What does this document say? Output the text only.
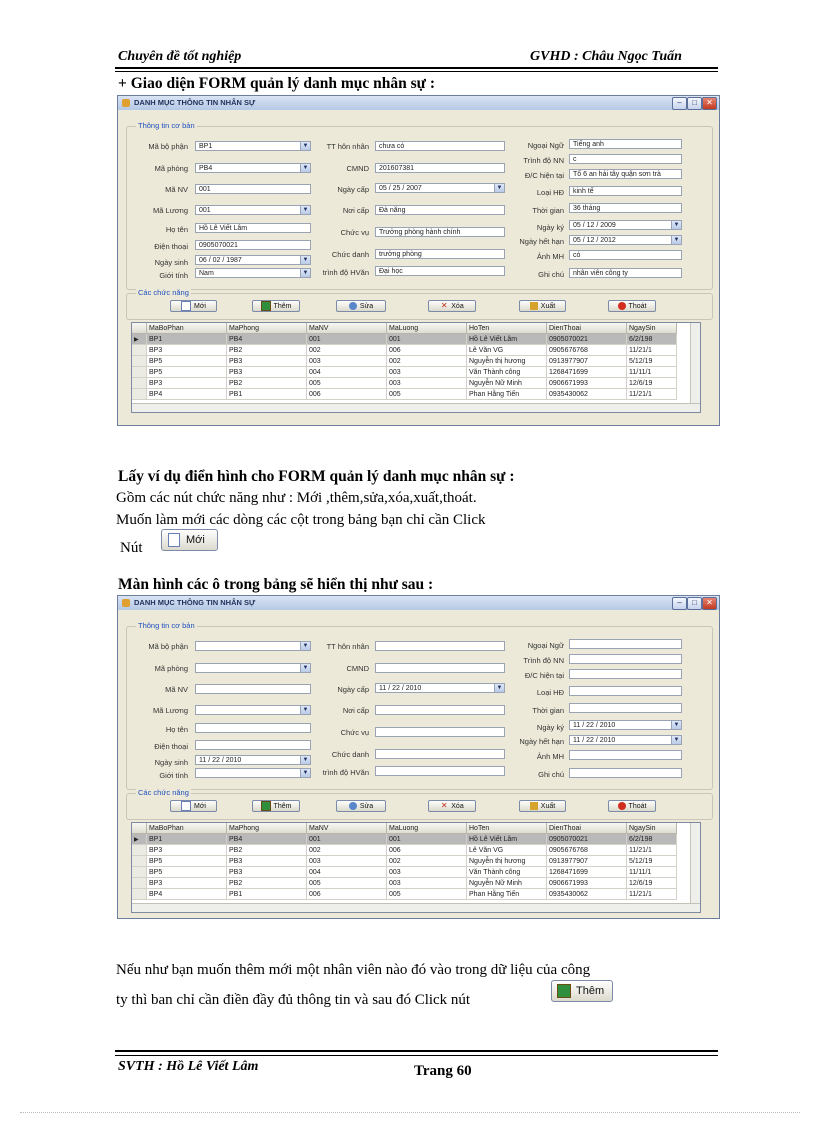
Chuyên đề tốt nghiệp	GVHD : Châu Ngọc Tuấn
+ Giao diện FORM quản lý danh mục nhân sự :
DANH MỤC THÔNG TIN NHÂN SỰ	–	□	✕
Thông tin cơ bản
Mã bộ phận	BP1	▼
Mã phòng	PB4	▼
Mã NV	001
Mã Lương	001	▼
Họ tên	Hồ Lê Viết Lâm
Điện thoại	0905070021
Ngày sinh	06 / 02 / 1987	▼
Giới tính	Nam	▼
TT hôn nhân	chưa có
CMND	201607381
Ngày cấp	05 / 25 / 2007	▼
Nơi cấp	Đà nẵng
Chức vụ	Trưởng phòng hành chính
Chức danh	trưởng phòng
trình độ HVăn	Đại học
Ngoại Ngữ	Tiếng anh
Trình độ NN	c
Đ/C hiện tại	Tổ 6 an hải tây quận sơn trà
Loại HĐ	kinh tế
Thời gian	36 tháng
Ngày ký	05 / 12 / 2009	▼
Ngày hết hạn	05 / 12 / 2012	▼
Ảnh MH	có
Ghi chú	nhân viên công ty
Các chức năng
Mới	Thêm	Sửa	✕ Xóa	Xuất	Thoát
	MaBoPhan	MaPhong	MaNV	MaLuong	HoTen	DienThoai	NgaySin
▶	BP1	PB4	001	001	Hồ Lê Viết Lâm	0905070021	6/2/198
	BP3	PB2	002	006	Lê Văn VG	0905676768	11/21/1
	BP5	PB3	003	002	Nguyễn thị hương	0913977907	5/12/19
	BP5	PB3	004	003	Văn Thành công	1268471699	11/11/1
	BP3	PB2	005	003	Nguyễn Nữ Minh	0906671993	12/6/19
	BP4	PB1	006	005	Phan Hằng Tiến	0935430062	11/21/1
Lấy ví dụ điển hình cho FORM quản lý danh mục nhân sự :
Gồm các nút chức năng như : Mới ,thêm,sửa,xóa,xuất,thoát.
Muốn làm mới các dòng các cột trong bảng bạn chỉ cần Click
Nút	Mới
Màn hình các ô trong bảng sẽ hiển thị như sau :
DANH MỤC THÔNG TIN NHÂN SỰ	–	□	✕
Thông tin cơ bản
Mã bộ phận	▼
Mã phòng	▼
Mã NV
Mã Lương	▼
Họ tên
Điện thoại
Ngày sinh	11 / 22 / 2010	▼
Giới tính	▼
TT hôn nhân
CMND
Ngày cấp	11 / 22 / 2010	▼
Nơi cấp
Chức vụ
Chức danh
trình độ HVăn
Ngoại Ngữ
Trình độ NN
Đ/C hiện tại
Loại HĐ
Thời gian
Ngày ký	11 / 22 / 2010	▼
Ngày hết hạn	11 / 22 / 2010	▼
Ảnh MH
Ghi chú
Các chức năng
Mới	Thêm	Sửa	✕ Xóa	Xuất	Thoát
	MaBoPhan	MaPhong	MaNV	MaLuong	HoTen	DienThoai	NgaySin
▶	BP1	PB4	001	001	Hồ Lê Viết Lâm	0905070021	6/2/198
	BP3	PB2	002	006	Lê Văn VG	0905676768	11/21/1
	BP5	PB3	003	002	Nguyễn thị hương	0913977907	5/12/19
	BP5	PB3	004	003	Văn Thành công	1268471699	11/11/1
	BP3	PB2	005	003	Nguyễn Nữ Minh	0906671993	12/6/19
	BP4	PB1	006	005	Phan Hằng Tiến	0935430062	11/21/1
Nếu như bạn muốn thêm mới một nhân viên nào đó vào trong dữ liệu của công
ty thì ban chỉ cần điền đầy đủ thông tin và sau đó Click nút
Thêm
SVTH : Hồ Lê Viết Lâm	Trang 60
